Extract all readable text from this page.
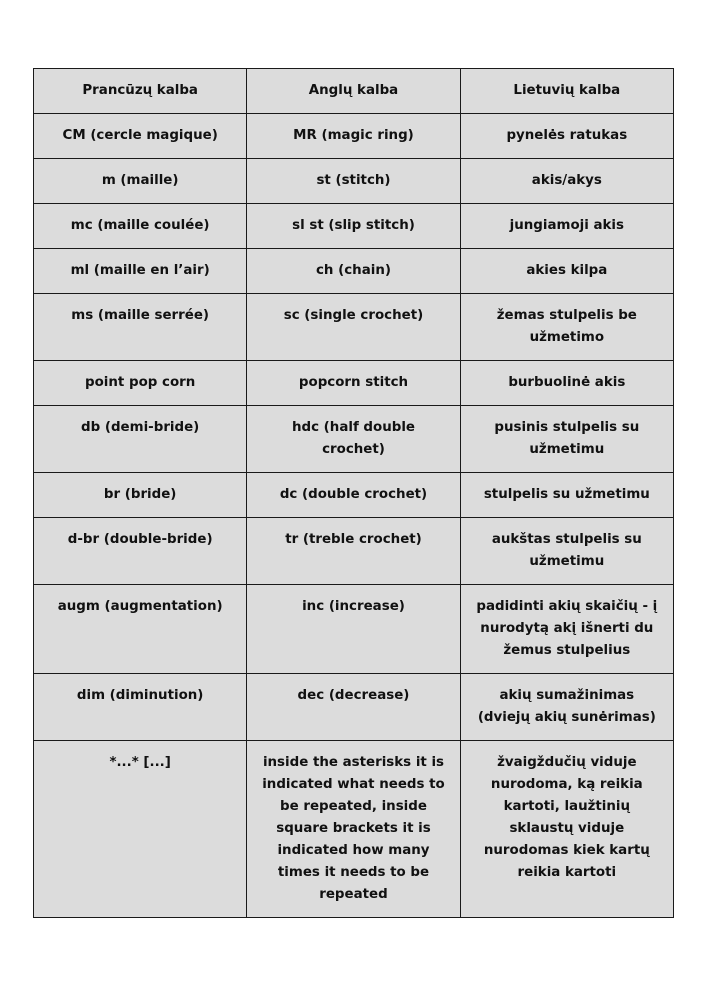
Prancūzų kalba	Anglų kalba	Lietuvių kalba
CM (cercle magique)	MR (magic ring)	pynelės ratukas
m (maille)	st (stitch)	akis/akys
mc (maille coulée)	sl st (slip stitch)	jungiamoji akis
ml (maille en l’air)	ch (chain)	akies kilpa
ms (maille serrée)	sc (single crochet)	žemas stulpelis be užmetimo
point pop corn	popcorn stitch	burbuolinė akis
db (demi-bride)	hdc (half double crochet)	pusinis stulpelis su užmetimu
br (bride)	dc (double crochet)	stulpelis su užmetimu
d-br (double-bride)	tr (treble crochet)	aukštas stulpelis su užmetimu
augm (augmentation)	inc (increase)	padidinti akių skaičių - į nurodytą akį išnerti du žemus stulpelius
dim (diminution)	dec (decrease)	akių sumažinimas (dviejų akių sunėrimas)
*...* [...]	inside the asterisks it is indicated what needs to be repeated, inside square brackets it is indicated how many times it needs to be repeated	žvaigždučių viduje nurodoma, ką reikia kartoti, laužtinių sklaustų viduje nurodomas kiek kartų reikia kartoti
